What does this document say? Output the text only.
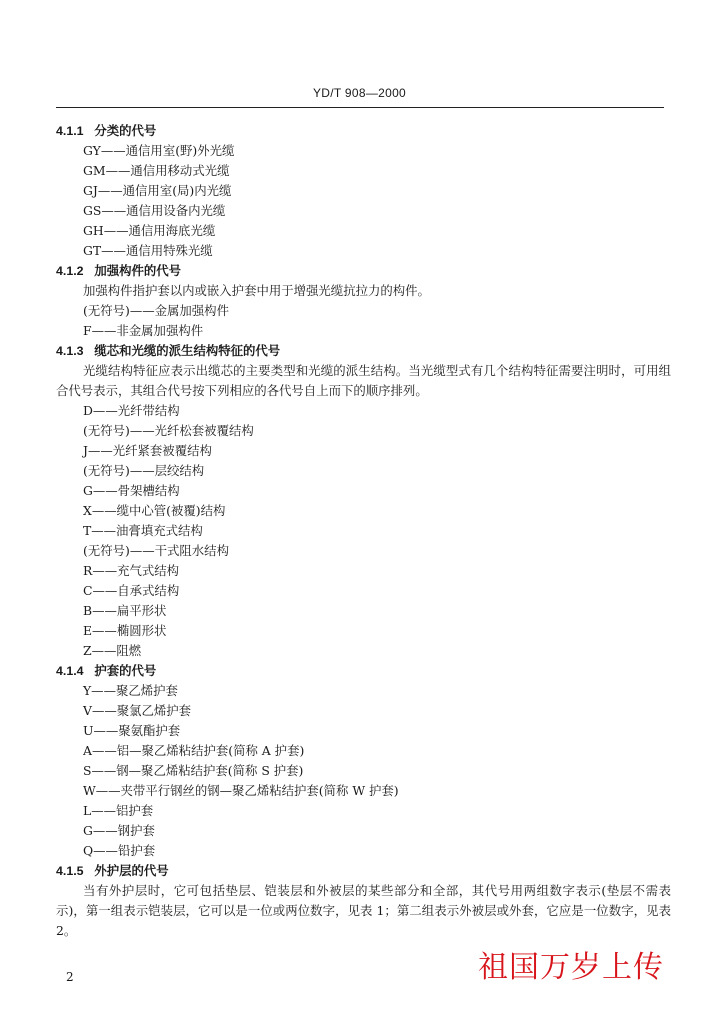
YD/T 908—2000
4.1.1 分类的代号
GY——通信用室(野)外光缆
GM——通信用移动式光缆
GJ——通信用室(局)内光缆
GS——通信用设备内光缆
GH——通信用海底光缆
GT——通信用特殊光缆
4.1.2 加强构件的代号
加强构件指护套以内或嵌入护套中用于增强光缆抗拉力的构件。
(无符号)——金属加强构件
F——非金属加强构件
4.1.3 缆芯和光缆的派生结构特征的代号
光缆结构特征应表示出缆芯的主要类型和光缆的派生结构。当光缆型式有几个结构特征需要注明时，可用组合代号表示，其组合代号按下列相应的各代号自上而下的顺序排列。
D——光纤带结构
(无符号)——光纤松套被覆结构
J——光纤紧套被覆结构
(无符号)——层绞结构
G——骨架槽结构
X——缆中心管(被覆)结构
T——油膏填充式结构
(无符号)——干式阻水结构
R——充气式结构
C——自承式结构
B——扁平形状
E——椭圆形状
Z——阻燃
4.1.4 护套的代号
Y——聚乙烯护套
V——聚氯乙烯护套
U——聚氨酯护套
A——铝—聚乙烯粘结护套(简称 A 护套)
S——钢—聚乙烯粘结护套(简称 S 护套)
W——夹带平行钢丝的钢—聚乙烯粘结护套(简称 W 护套)
L——铝护套
G——钢护套
Q——铅护套
4.1.5 外护层的代号
当有外护层时，它可包括垫层、铠装层和外被层的某些部分和全部，其代号用两组数字表示(垫层不需表示)，第一组表示铠装层，它可以是一位或两位数字，见表 1；第二组表示外被层或外套，它应是一位数字，见表 2。
2	祖国万岁上传
